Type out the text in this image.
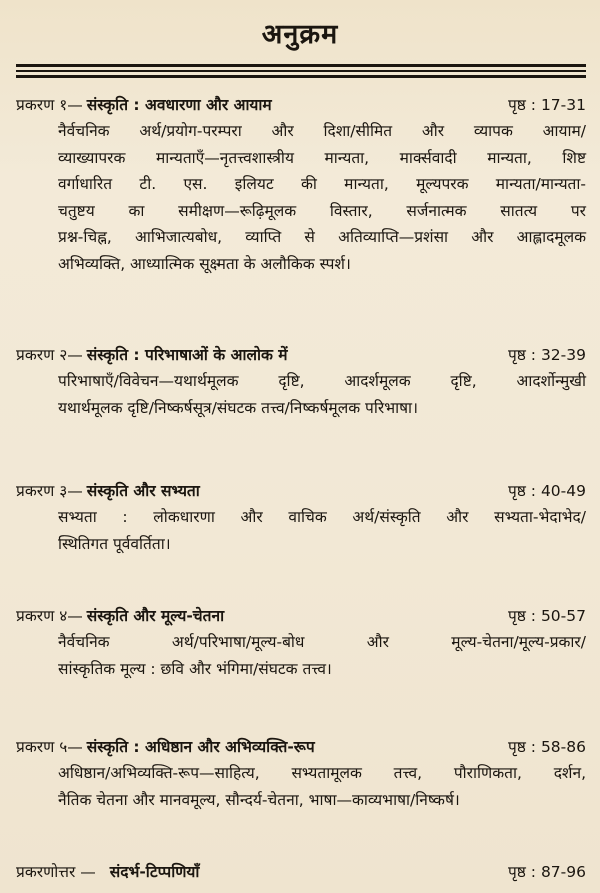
अनुक्रम
प्रकरण १— संस्कृति : अवधारणा और आयाम	पृष्ठ : 17-31
नैर्वचनिक अर्थ/प्रयोग-परम्परा और दिशा/सीमित और व्यापक आयाम/
व्याख्यापरक मान्यताएँ—नृतत्त्वशास्त्रीय मान्यता, मार्क्सवादी मान्यता, शिष्ट
वर्गाधारित टी. एस. इलियट की मान्यता, मूल्यपरक मान्यता/मान्यता-
चतुष्टय का समीक्षण—रूढ़िमूलक विस्तार, सर्जनात्मक सातत्य पर
प्रश्न-चिह्न, आभिजात्यबोध, व्याप्ति से अतिव्याप्ति—प्रशंसा और आह्लादमूलक
अभिव्यक्ति, आध्यात्मिक सूक्ष्मता के अलौकिक स्पर्श।
प्रकरण २— संस्कृति : परिभाषाओं के आलोक में	पृष्ठ : 32-39
परिभाषाएँ/विवेचन—यथार्थमूलक दृष्टि, आदर्शमूलक दृष्टि, आदर्शोन्मुखी
यथार्थमूलक दृष्टि/निष्कर्षसूत्र/संघटक तत्त्व/निष्कर्षमूलक परिभाषा।
प्रकरण ३— संस्कृति और सभ्यता	पृष्ठ : 40-49
सभ्यता : लोकधारणा और वाचिक अर्थ/संस्कृति और सभ्यता-भेदाभेद/
स्थितिगत पूर्ववर्तिता।
प्रकरण ४— संस्कृति और मूल्य-चेतना	पृष्ठ : 50-57
नैर्वचनिक अर्थ/परिभाषा/मूल्य-बोध और मूल्य-चेतना/मूल्य-प्रकार/
सांस्कृतिक मूल्य : छवि और भंगिमा/संघटक तत्त्व।
प्रकरण ५— संस्कृति : अधिष्ठान और अभिव्यक्ति-रूप	पृष्ठ : 58-86
अधिष्ठान/अभिव्यक्ति-रूप—साहित्य, सभ्यतामूलक तत्त्व, पौराणिकता, दर्शन,
नैतिक चेतना और मानवमूल्य, सौन्दर्य-चेतना, भाषा—काव्यभाषा/निष्कर्ष।
प्रकरणोत्तर — संदर्भ-टिप्पणियाँ	पृष्ठ : 87-96
